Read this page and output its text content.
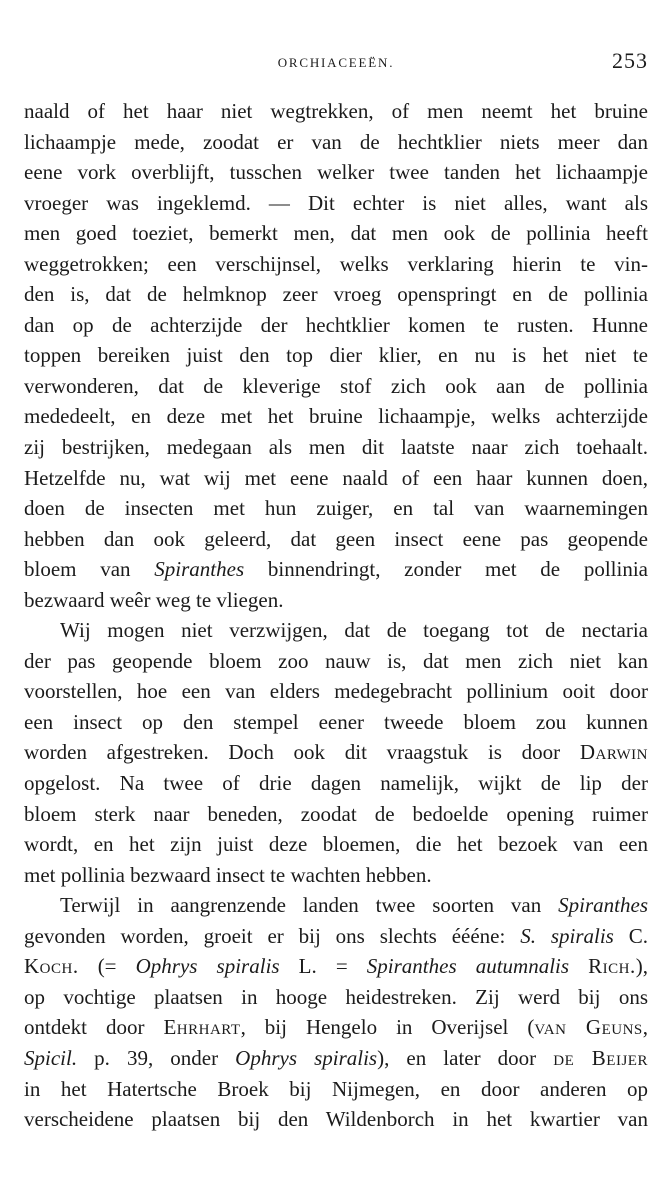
ORCHIACEEËN.	253
naald of het haar niet wegtrekken, of men neemt het bruine
lichaampje mede, zoodat er van de hechtklier niets meer dan
eene vork overblijft, tusschen welker twee tanden het lichaampje
vroeger was ingeklemd. — Dit echter is niet alles, want als
men goed toeziet, bemerkt men, dat men ook de pollinia heeft
weggetrokken; een verschijnsel, welks verklaring hierin te vin-
den is, dat de helmknop zeer vroeg openspringt en de pollinia
dan op de achterzijde der hechtklier komen te rusten. Hunne
toppen bereiken juist den top dier klier, en nu is het niet te
verwonderen, dat de kleverige stof zich ook aan de pollinia
mededeelt, en deze met het bruine lichaampje, welks achterzijde
zij bestrijken, medegaan als men dit laatste naar zich toehaalt.
Hetzelfde nu, wat wij met eene naald of een haar kunnen doen,
doen de insecten met hun zuiger, en tal van waarnemingen
hebben dan ook geleerd, dat geen insect eene pas geopende
bloem van Spiranthes binnendringt, zonder met de pollinia
bezwaard weêr weg te vliegen.
Wij mogen niet verzwijgen, dat de toegang tot de nectaria
der pas geopende bloem zoo nauw is, dat men zich niet kan
voorstellen, hoe een van elders medegebracht pollinium ooit door
een insect op den stempel eener tweede bloem zou kunnen
worden afgestreken. Doch ook dit vraagstuk is door Darwin
opgelost. Na twee of drie dagen namelijk, wijkt de lip der
bloem sterk naar beneden, zoodat de bedoelde opening ruimer
wordt, en het zijn juist deze bloemen, die het bezoek van een
met pollinia bezwaard insect te wachten hebben.
Terwijl in aangrenzende landen twee soorten van Spiranthes
gevonden worden, groeit er bij ons slechts éééne: S. spiralis C.
Koch. (= Ophrys spiralis L. = Spiranthes autumnalis Rich.),
op vochtige plaatsen in hooge heidestreken. Zij werd bij ons
ontdekt door Ehrhart, bij Hengelo in Overijsel (van Geuns,
Spicil. p. 39, onder Ophrys spiralis), en later door de Beijer
in het Hatertsche Broek bij Nijmegen, en door anderen op
verscheidene plaatsen bij den Wildenborch in het kwartier van
